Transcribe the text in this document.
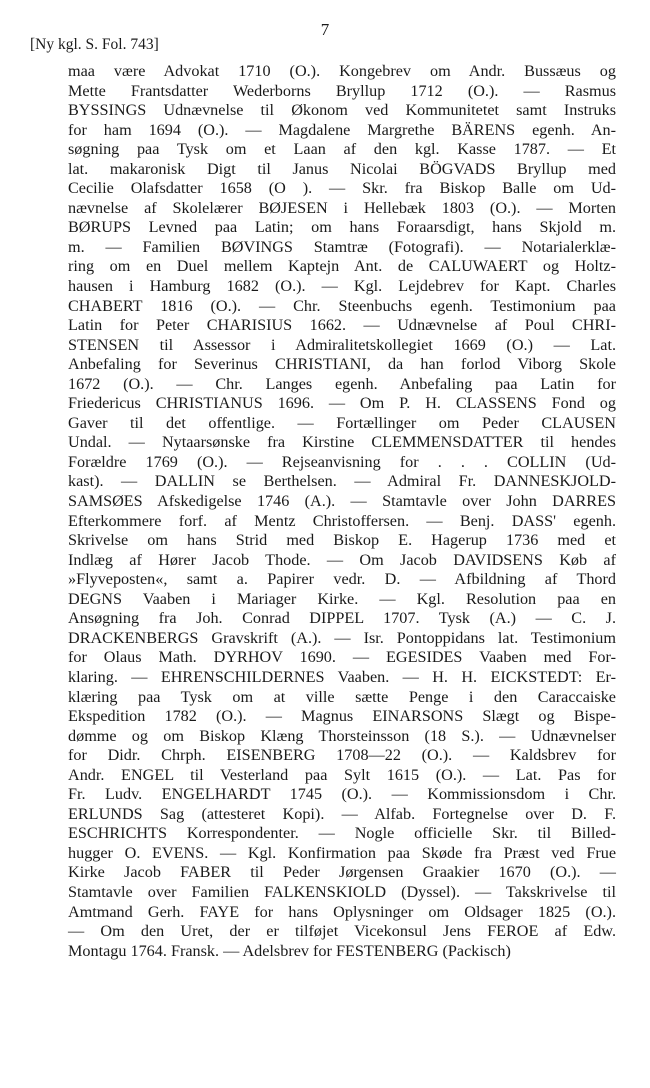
7
[Ny kgl. S. Fol. 743]
maa være Advokat 1710 (O.). Kongebrev om Andr. Bussæus og
Mette Frantsdatter Wederborns Bryllup 1712 (O.). — Rasmus
BYSSINGS Udnævnelse til Økonom ved Kommunitetet samt Instruks
for ham 1694 (O.). — Magdalene Margrethe BÄRENS egenh. An-
søgning paa Tysk om et Laan af den kgl. Kasse 1787. — Et
lat. makaronisk Digt til Janus Nicolai BÖGVADS Bryllup med
Cecilie Olafsdatter 1658 (O ). — Skr. fra Biskop Balle om Ud-
nævnelse af Skolelærer BØJESEN i Hellebæk 1803 (O.). — Morten
BØRUPS Levned paa Latin; om hans Foraarsdigt, hans Skjold m.
m. — Familien BØVINGS Stamtræ (Fotografi). — Notarialerklæ-
ring om en Duel mellem Kaptejn Ant. de CALUWAERT og Holtz-
hausen i Hamburg 1682 (O.). — Kgl. Lejdebrev for Kapt. Charles
CHABERT 1816 (O.). — Chr. Steenbuchs egenh. Testimonium paa
Latin for Peter CHARISIUS 1662. — Udnævnelse af Poul CHRI-
STENSEN til Assessor i Admiralitetskollegiet 1669 (O.) — Lat.
Anbefaling for Severinus CHRISTIANI, da han forlod Viborg Skole
1672 (O.). — Chr. Langes egenh. Anbefaling paa Latin for
Friedericus CHRISTIANUS 1696. — Om P. H. CLASSENS Fond og
Gaver til det offentlige. — Fortællinger om Peder CLAUSEN
Undal. — Nytaarsønske fra Kirstine CLEMMENSDATTER til hendes
Forældre 1769 (O.). — Rejseanvisning for . . . COLLIN (Ud-
kast). — DALLIN se Berthelsen. — Admiral Fr. DANNESKJOLD-
SAMSØES Afskedigelse 1746 (A.). — Stamtavle over John DARRES
Efterkommere forf. af Mentz Christoffersen. — Benj. DASS' egenh.
Skrivelse om hans Strid med Biskop E. Hagerup 1736 med et
Indlæg af Hører Jacob Thode. — Om Jacob DAVIDSENS Køb af
»Flyveposten«, samt a. Papirer vedr. D. — Afbildning af Thord
DEGNS Vaaben i Mariager Kirke. — Kgl. Resolution paa en
Ansøgning fra Joh. Conrad DIPPEL 1707. Tysk (A.) — C. J.
DRACKENBERGS Gravskrift (A.). — Isr. Pontoppidans lat. Testimonium
for Olaus Math. DYRHOV 1690. — EGESIDES Vaaben med For-
klaring. — EHRENSCHILDERNES Vaaben. — H. H. EICKSTEDT: Er-
klæring paa Tysk om at ville sætte Penge i den Caraccaiske
Ekspedition 1782 (O.). — Magnus EINARSONS Slægt og Bispe-
dømme og om Biskop Klæng Thorsteinsson (18 S.). — Udnævnelser
for Didr. Chrph. EISENBERG 1708—22 (O.). — Kaldsbrev for
Andr. ENGEL til Vesterland paa Sylt 1615 (O.). — Lat. Pas for
Fr. Ludv. ENGELHARDT 1745 (O.). — Kommissionsdom i Chr.
ERLUNDS Sag (attesteret Kopi). — Alfab. Fortegnelse over D. F.
ESCHRICHTS Korrespondenter. — Nogle officielle Skr. til Billed-
hugger O. EVENS. — Kgl. Konfirmation paa Skøde fra Præst ved Frue
Kirke Jacob FABER til Peder Jørgensen Graakier 1670 (O.). —
Stamtavle over Familien FALKENSKIOLD (Dyssel). — Takskrivelse til
Amtmand Gerh. FAYE for hans Oplysninger om Oldsager 1825 (O.).
— Om den Uret, der er tilføjet Vicekonsul Jens FEROE af Edw.
Montagu 1764. Fransk. — Adelsbrev for FESTENBERG (Packisch)
